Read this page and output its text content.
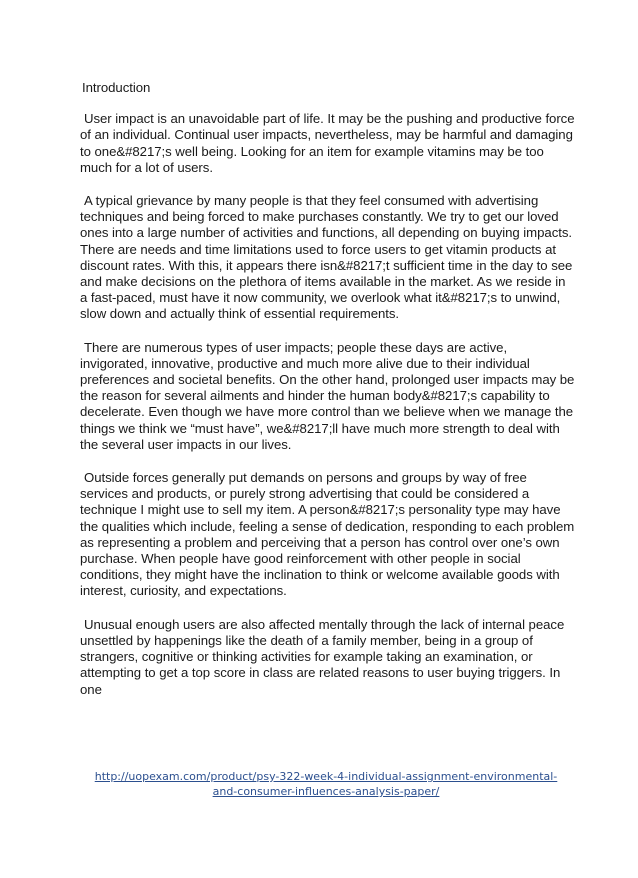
Introduction

User impact is an unavoidable part of life. It may be the pushing and productive force of an individual. Continual user impacts, nevertheless, may be harmful and damaging to one&#8217;s well being. Looking for an item for example vitamins may be too much for a lot of users.

A typical grievance by many people is that they feel consumed with advertising techniques and being forced to make purchases constantly. We try to get our loved ones into a large number of activities and functions, all depending on buying impacts. There are needs and time limitations used to force users to get vitamin products at discount rates. With this, it appears there isn&#8217;t sufficient time in the day to see and make decisions on the plethora of items available in the market. As we reside in a fast-paced, must have it now community, we overlook what it&#8217;s to unwind, slow down and actually think of essential requirements.

There are numerous types of user impacts; people these days are active, invigorated, innovative, productive and much more alive due to their individual preferences and societal benefits. On the other hand, prolonged user impacts may be the reason for several ailments and hinder the human body&#8217;s capability to decelerate. Even though we have more control than we believe when we manage the things we think we “must have”, we&#8217;ll have much more strength to deal with the several user impacts in our lives.

Outside forces generally put demands on persons and groups by way of free services and products, or purely strong advertising that could be considered a technique I might use to sell my item. A person&#8217;s personality type may have the qualities which include, feeling a sense of dedication, responding to each problem as representing a problem and perceiving that a person has control over one’s own purchase. When people have good reinforcement with other people in social conditions, they might have the inclination to think or welcome available goods with interest, curiosity, and expectations.

Unusual enough users are also affected mentally through the lack of internal peace unsettled by happenings like the death of a family member, being in a group of strangers, cognitive or thinking activities for example taking an examination, or attempting to get a top score in class are related reasons to user buying triggers. In one

http://uopexam.com/product/psy-322-week-4-individual-assignment-environmental-and-consumer-influences-analysis-paper/
